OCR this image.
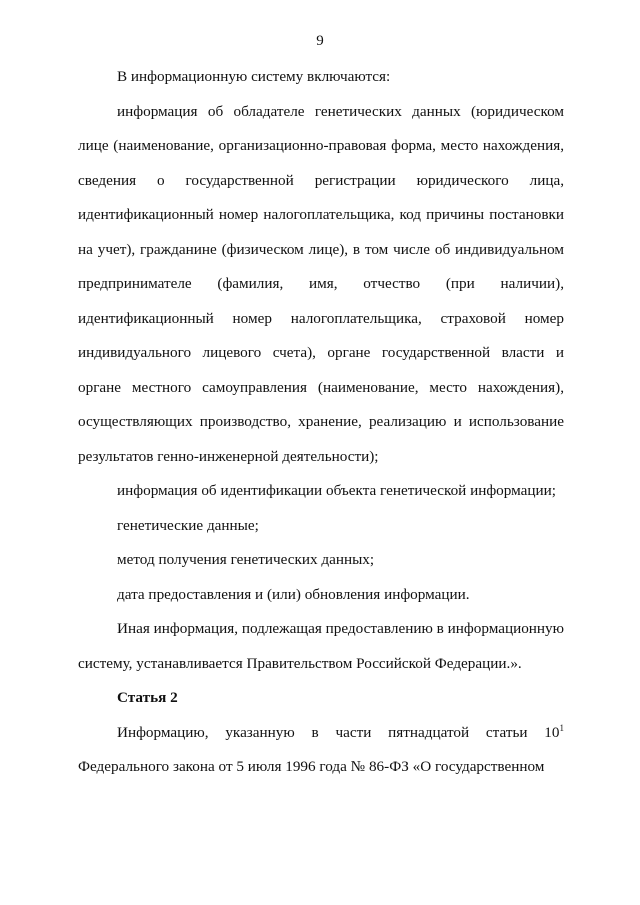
9

В информационную систему включаются:

информация об обладателе генетических данных (юридическом лице (наименование, организационно-правовая форма, место нахождения, сведения о государственной регистрации юридического лица, идентификационный номер налогоплательщика, код причины постановки на учет), гражданине (физическом лице), в том числе об индивидуальном предпринимателе (фамилия, имя, отчество (при наличии), идентификационный номер налогоплательщика, страховой номер индивидуального лицевого счета), органе государственной власти и органе местного самоуправления (наименование, место нахождения), осуществляющих производство, хранение, реализацию и использование результатов генно-инженерной деятельности);

информация об идентификации объекта генетической информации;

генетические данные;

метод получения генетических данных;

дата предоставления и (или) обновления информации.

Иная информация, подлежащая предоставлению в информационную систему, устанавливается Правительством Российской Федерации.».

Статья 2

Информацию, указанную в части пятнадцатой статьи $10^1$ Федерального закона от 5 июля 1996 года № 86-ФЗ «О государственном
